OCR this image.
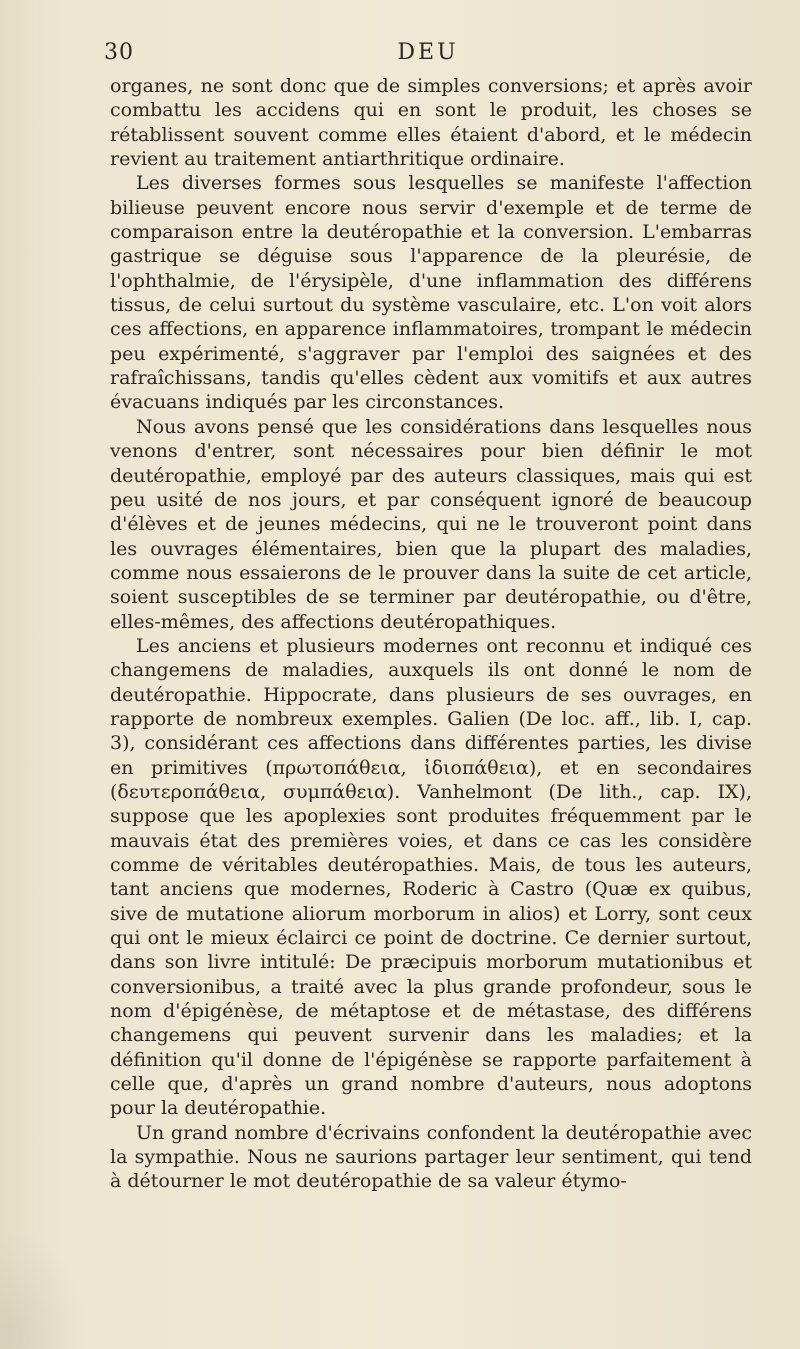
30	DEU

organes, ne sont donc que de simples conversions; et après avoir combattu les accidens qui en sont le produit, les choses se rétablissent souvent comme elles étaient d'abord, et le médecin revient au traitement antiarthritique ordinaire.

Les diverses formes sous lesquelles se manifeste l'affection bilieuse peuvent encore nous servir d'exemple et de terme de comparaison entre la deutéropathie et la conversion. L'embarras gastrique se déguise sous l'apparence de la pleurésie, de l'ophthalmie, de l'érysipèle, d'une inflammation des différens tissus, de celui surtout du système vasculaire, etc. L'on voit alors ces affections, en apparence inflammatoires, trompant le médecin peu expérimenté, s'aggraver par l'emploi des saignées et des rafraîchissans, tandis qu'elles cèdent aux vomitifs et aux autres évacuans indiqués par les circonstances.

Nous avons pensé que les considérations dans lesquelles nous venons d'entrer, sont nécessaires pour bien définir le mot deutéropathie, employé par des auteurs classiques, mais qui est peu usité de nos jours, et par conséquent ignoré de beaucoup d'élèves et de jeunes médecins, qui ne le trouveront point dans les ouvrages élémentaires, bien que la plupart des maladies, comme nous essaierons de le prouver dans la suite de cet article, soient susceptibles de se terminer par deutéropathie, ou d'être, elles-mêmes, des affections deutéropathiques.

Les anciens et plusieurs modernes ont reconnu et indiqué ces changemens de maladies, auxquels ils ont donné le nom de deutéropathie. Hippocrate, dans plusieurs de ses ouvrages, en rapporte de nombreux exemples. Galien (De loc. aff., lib. I, cap. 3), considérant ces affections dans différentes parties, les divise en primitives (πρωτοπάθεια, ἰδιοπάθεια), et en secondaires (δευτεροπάθεια, συμπάθεια). Vanhelmont (De lith., cap. IX), suppose que les apoplexies sont produites fréquemment par le mauvais état des premières voies, et dans ce cas les considère comme de véritables deutéropathies. Mais, de tous les auteurs, tant anciens que modernes, Roderic à Castro (Quæ ex quibus, sive de mutatione aliorum morborum in alios) et Lorry, sont ceux qui ont le mieux éclairci ce point de doctrine. Ce dernier surtout, dans son livre intitulé: De præcipuis morborum mutationibus et conversionibus, a traité avec la plus grande profondeur, sous le nom d'épigénèse, de métaptose et de métastase, des différens changemens qui peuvent survenir dans les maladies; et la définition qu'il donne de l'épigénèse se rapporte parfaitement à celle que, d'après un grand nombre d'auteurs, nous adoptons pour la deutéropathie.

Un grand nombre d'écrivains confondent la deutéropathie avec la sympathie. Nous ne saurions partager leur sentiment, qui tend à détourner le mot deutéropathie de sa valeur étymo-
